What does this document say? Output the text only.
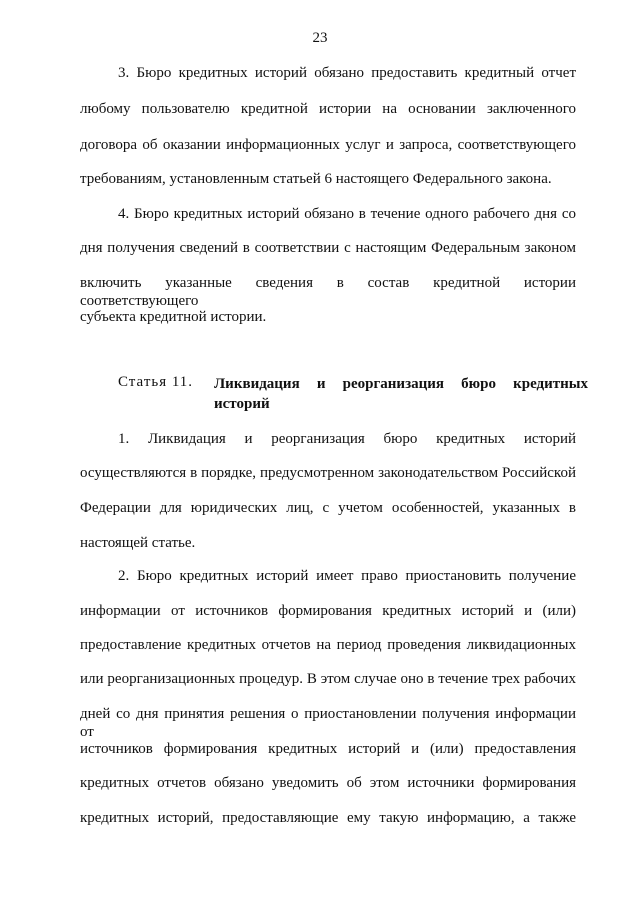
23
3. Бюро кредитных историй обязано предоставить кредитный отчет
любому пользователю кредитной истории на основании заключенного
договора об оказании информационных услуг и запроса, соответствующего
требованиям, установленным статьей 6 настоящего Федерального закона.
4. Бюро кредитных историй обязано в течение одного рабочего дня со
дня получения сведений в соответствии с настоящим Федеральным законом
включить указанные сведения в состав кредитной истории соответствующего
субъекта кредитной истории.
Статья 11. Ликвидация и реорганизация бюро кредитных
историй
1. Ликвидация и реорганизация бюро кредитных историй
осуществляются в порядке, предусмотренном законодательством Российской
Федерации для юридических лиц, с учетом особенностей, указанных в
настоящей статье.
2. Бюро кредитных историй имеет право приостановить получение
информации от источников формирования кредитных историй и (или)
предоставление кредитных отчетов на период проведения ликвидационных
или реорганизационных процедур. В этом случае оно в течение трех рабочих
дней со дня принятия решения о приостановлении получения информации от
источников формирования кредитных историй и (или) предоставления
кредитных отчетов обязано уведомить об этом источники формирования
кредитных историй, предоставляющие ему такую информацию, а также
